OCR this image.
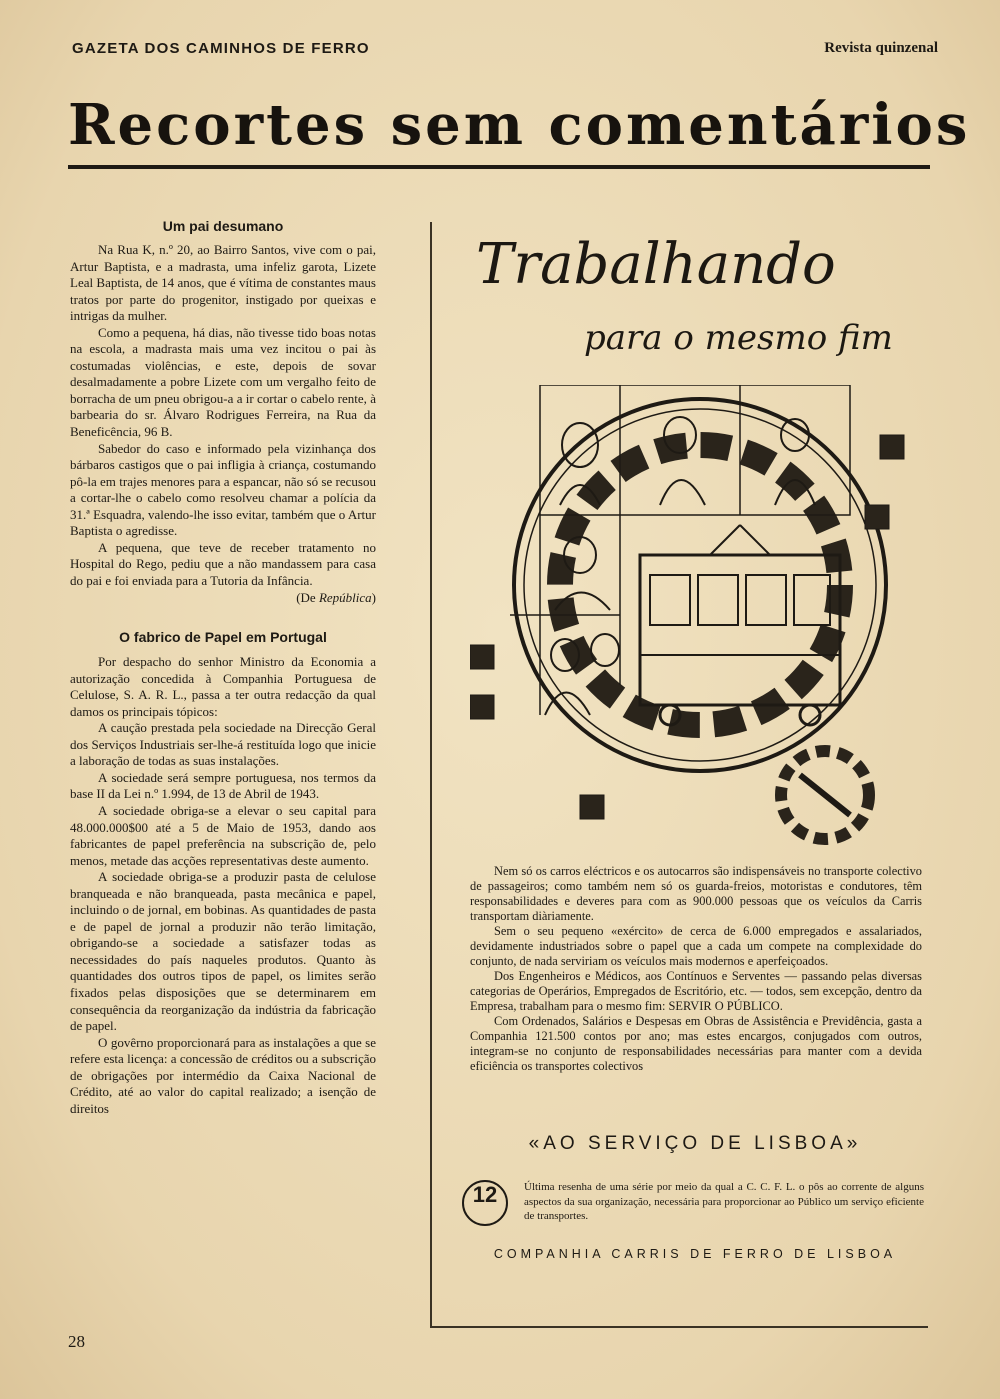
GAZETA DOS CAMINHOS DE FERRO	Revista quinzenal
Recortes sem comentários
Um pai desumano

Na Rua K, n.º 20, ao Bairro Santos, vive com o pai, Artur Baptista, e a madrasta, uma infeliz garota, Lizete Leal Baptista, de 14 anos, que é vítima de constantes maus tratos por parte do progenitor, instigado por queixas e intrigas da mulher.

Como a pequena, há dias, não tivesse tido boas notas na escola, a madrasta mais uma vez incitou o pai às costumadas violências, e este, depois de sovar desalmadamente a pobre Lizete com um vergalho feito de borracha de um pneu obrigou-a a ir cortar o cabelo rente, à barbearia do sr. Álvaro Rodrigues Ferreira, na Rua da Beneficência, 96 B.

Sabedor do caso e informado pela vizinhança dos bárbaros castigos que o pai infligia à criança, costumando pô-la em trajes menores para a espancar, não só se recusou a cortar-lhe o cabelo como resolveu chamar a polícia da 31.ª Esquadra, valendo-lhe isso evitar, também que o Artur Baptista o agredisse.

A pequena, que teve de receber tratamento no Hospital do Rego, pediu que a não mandassem para casa do pai e foi enviada para a Tutoria da Infância.

(De República)

O fabrico de Papel em Portugal

Por despacho do senhor Ministro da Economia a autorização concedida à Companhia Portuguesa de Celulose, S. A. R. L., passa a ter outra redacção da qual damos os principais tópicos:

A caução prestada pela sociedade na Direcção Geral dos Serviços Industriais ser-lhe-á restituída logo que inicie a laboração de todas as suas instalações.

A sociedade será sempre portuguesa, nos termos da base II da Lei n.º 1.994, de 13 de Abril de 1943.

A sociedade obriga-se a elevar o seu capital para 48.000.000$00 até a 5 de Maio de 1953, dando aos fabricantes de papel preferência na subscrição de, pelo menos, metade das acções representativas deste aumento.

A sociedade obriga-se a produzir pasta de celulose branqueada e não branqueada, pasta mecânica e papel, incluindo o de jornal, em bobinas. As quantidades de pasta e de papel de jornal a produzir não terão limitação, obrigando-se a sociedade a satisfazer todas as necessidades do país naqueles produtos. Quanto às quantidades dos outros tipos de papel, os limites serão fixados pelas disposições que se determinarem em consequência da reorganização da indústria da fabricação de papel.

O govêrno proporcionará para as instalações a que se refere esta licença: a concessão de créditos ou a subscrição de obrigações por intermédio da Caixa Nacional de Crédito, até ao valor do capital realizado; a isenção de direitos

Trabalhando
para o mesmo fim

Nem só os carros eléctricos e os autocarros são indispensáveis no transporte colectivo de passageiros; como também nem só os guarda-freios, motoristas e condutores, têm responsabilidades e deveres para com as 900.000 pessoas que os veículos da Carris transportam diàriamente.

Sem o seu pequeno «exército» de cerca de 6.000 empregados e assalariados, devidamente industriados sobre o papel que a cada um compete na complexidade do conjunto, de nada serviriam os veículos mais modernos e aperfeiçoados.

Dos Engenheiros e Médicos, aos Contínuos e Serventes — passando pelas diversas categorias de Operários, Empregados de Escritório, etc. — todos, sem excepção, dentro da Empresa, trabalham para o mesmo fim: SERVIR O PÚBLICO.

Com Ordenados, Salários e Despesas em Obras de Assistência e Previdência, gasta a Companhia 121.500 contos por ano; mas estes encargos, conjugados com outros, integram-se no conjunto de responsabilidades necessárias para manter com a devida eficiência os transportes colectivos

«AO SERVIÇO DE LISBOA»
12	Última resenha de uma série por meio da qual a C. C. F. L. o pôs ao corrente de alguns aspectos da sua organização, necessária para proporcionar ao Público um serviço eficiente de transportes.
COMPANHIA CARRIS DE FERRO DE LISBOA
28
